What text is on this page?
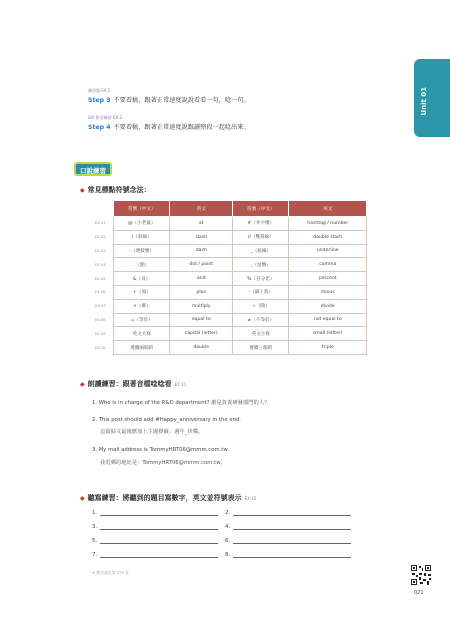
Unit 01
練習題 EX.1
Step 3 不要看稿，跟著正常速度說說看看一句，唸一句。
Gill 影音練習 EX.2
Step 4 不要看稿，跟著正常速度說跟讀整段一起唸出來。
口說練習
◆ 常見標點符號念法：
	符號（中文）	英文	符號（中文）	英文
EX.01	@（小老鼠）	at	#（井字號）	hashtag / number
EX.02	/（斜線）	slash	//（雙斜線）	double slash
EX.03	-（連接號）	dash	_（底線）	underline
EX.04	.（點）	dot / point	,（逗號）	comma
EX.05	&（及）	and	%（百分比）	percent
EX.06	+（加）	plus	-（減 / 負）	minus
EX.07	×（乘）	multiply	÷（除）	divide
EX.08	=（等於）	equal to	≠（不等於）	not equal to
EX.09	英文大寫	capital (letter)	英文小寫	small (letter)
EX.10	連續兩個的	double	連續三個的	triple
◆ 朗讀練習：跟著音檔唸唸看 EX.11
1. Who is in charge of the R&D department? 誰是負責研發部門的人？
2. This post should add #Happy_anniversary in the end.
這篇貼文最後應加上主題標籤：週年_快樂。
3. My mail address is TommyHRT06@mmm.com.tw.
我電郵的地址是：TommyHRT06@mmm.com.tw。
◆ 聽寫練習：將聽到的題目寫數字，英文並符號表示 EX.12
1.	2.
3.	4.
5.	6.
7.	8.
※ 解答請見第 275 頁
021
